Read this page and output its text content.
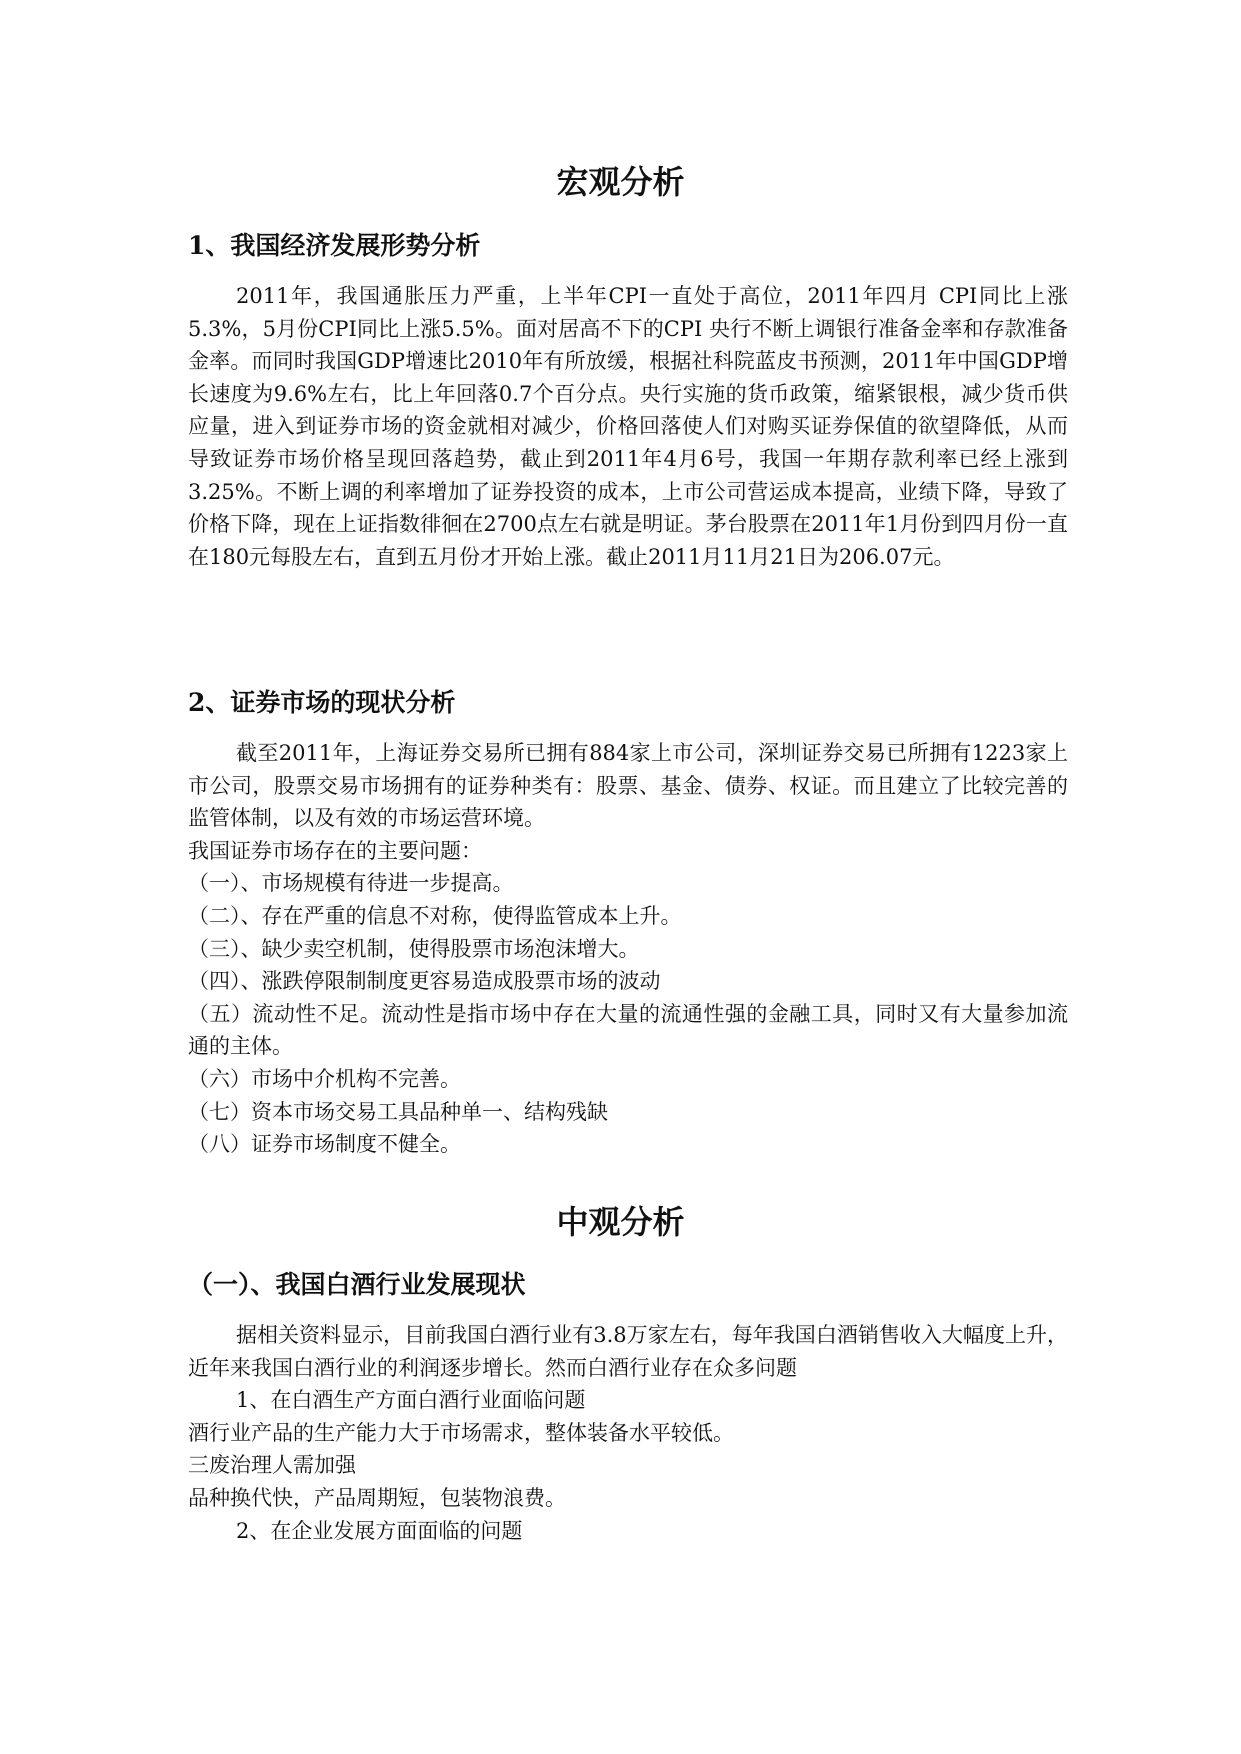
宏观分析
1、我国经济发展形势分析

2011年，我国通胀压力严重，上半年CPI一直处于高位，2011年四月 CPI同比上涨5.3%，5月份CPI同比上涨5.5%。面对居高不下的CPI 央行不断上调银行准备金率和存款准备金率。而同时我国GDP增速比2010年有所放缓，根据社科院蓝皮书预测，2011年中国GDP增长速度为9.6%左右，比上年回落0.7个百分点。央行实施的货币政策，缩紧银根，减少货币供应量，进入到证券市场的资金就相对减少，价格回落使人们对购买证券保值的欲望降低，从而导致证券市场价格呈现回落趋势，截止到2011年4月6号，我国一年期存款利率已经上涨到3.25%。不断上调的利率增加了证券投资的成本，上市公司营运成本提高，业绩下降，导致了价格下降，现在上证指数徘徊在2700点左右就是明证。茅台股票在2011年1月份到四月份一直在180元每股左右，直到五月份才开始上涨。截止2011月11月21日为206.07元。

2、证券市场的现状分析

截至2011年，上海证券交易所已拥有884家上市公司，深圳证券交易已所拥有1223家上市公司，股票交易市场拥有的证券种类有：股票、基金、债券、权证。而且建立了比较完善的监管体制，以及有效的市场运营环境。

我国证券市场存在的主要问题：
（一）、市场规模有待进一步提高。
（二）、存在严重的信息不对称，使得监管成本上升。
（三）、缺少卖空机制，使得股票市场泡沫增大。
（四）、涨跌停限制制度更容易造成股票市场的波动
（五）流动性不足。流动性是指市场中存在大量的流通性强的金融工具，同时又有大量参加流通的主体。
（六）市场中介机构不完善。
（七）资本市场交易工具品种单一、结构残缺
（八）证券市场制度不健全。
中观分析
（一）、我国白酒行业发展现状

据相关资料显示，目前我国白酒行业有3.8万家左右，每年我国白酒销售收入大幅度上升，近年来我国白酒行业的利润逐步增长。然而白酒行业存在众多问题

1、在白酒生产方面白酒行业面临问题
酒行业产品的生产能力大于市场需求，整体装备水平较低。
三废治理人需加强
品种换代快，产品周期短，包装物浪费。
2、在企业发展方面面临的问题
